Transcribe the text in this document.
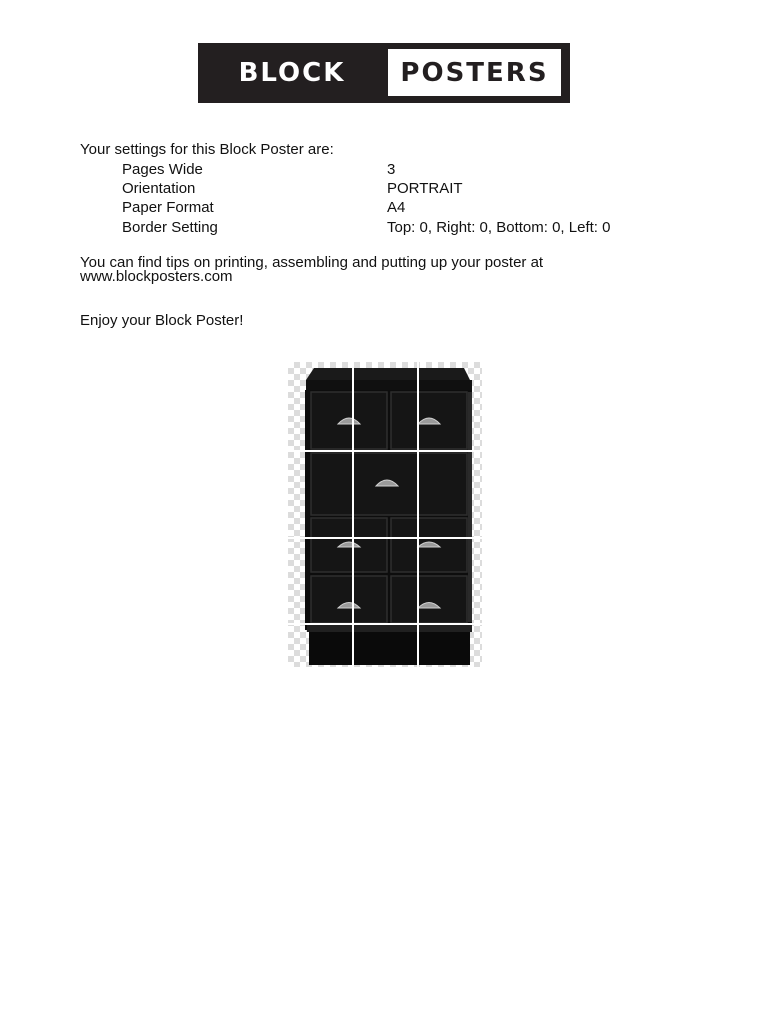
BLOCK	POSTERS
Your settings for this Block Poster are:
Pages Wide	3
Orientation	PORTRAIT
Paper Format	A4
Border Setting	Top: 0, Right: 0, Bottom: 0, Left: 0
You can find tips on printing, assembling and putting up your poster at
www.blockposters.com
Enjoy your Block Poster!
